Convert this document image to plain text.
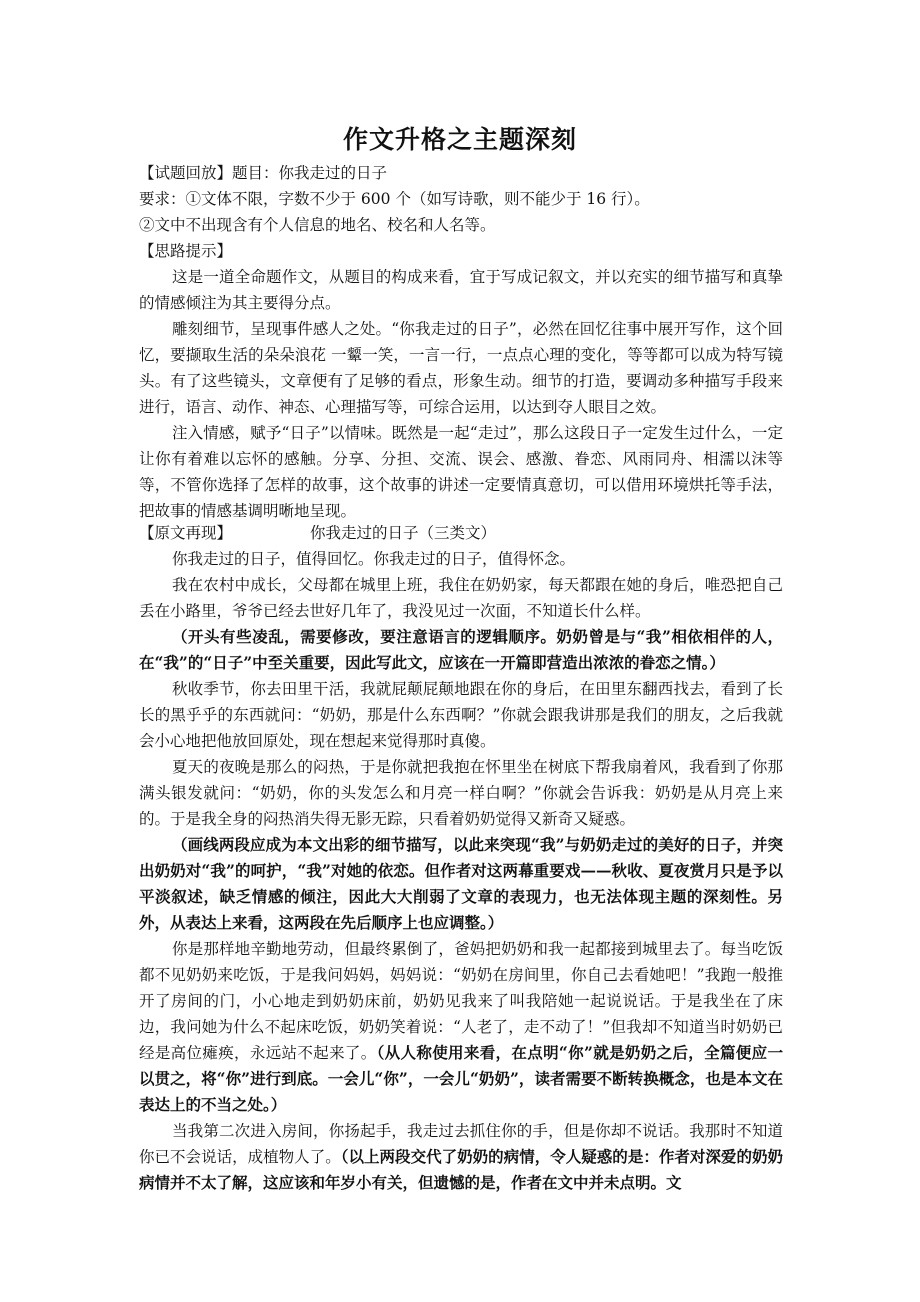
作文升格之主题深刻

【试题回放】题目：你我走过的日子

要求：①文体不限，字数不少于 600 个（如写诗歌，则不能少于 16 行）。

②文中不出现含有个人信息的地名、校名和人名等。

【思路提示】

这是一道全命题作文，从题目的构成来看，宜于写成记叙文，并以充实的细节描写和真挚的情感倾注为其主要得分点。

雕刻细节，呈现事件感人之处。“你我走过的日子”，必然在回忆往事中展开写作，这个回忆，要撷取生活的朵朵浪花 一颦一笑，一言一行，一点点心理的变化，等等都可以成为特写镜头。有了这些镜头，文章便有了足够的看点，形象生动。细节的打造，要调动多种描写手段来进行，语言、动作、神态、心理描写等，可综合运用，以达到夺人眼目之效。

注入情感，赋予“日子”以情味。既然是一起“走过”，那么这段日子一定发生过什么，一定让你有着难以忘怀的感触。分享、分担、交流、误会、感激、眷恋、风雨同舟、相濡以沫等等，不管你选择了怎样的故事，这个故事的讲述一定要情真意切，可以借用环境烘托等手法，把故事的情感基调明晰地呈现。

【原文再现】	你我走过的日子（三类文）

你我走过的日子，值得回忆。你我走过的日子，值得怀念。

我在农村中成长，父母都在城里上班，我住在奶奶家，每天都跟在她的身后，唯恐把自己丢在小路里，爷爷已经去世好几年了，我没见过一次面，不知道长什么样。

（开头有些凌乱，需要修改，要注意语言的逻辑顺序。奶奶曾是与“我”相依相伴的人，在“我”的“日子”中至关重要，因此写此文，应该在一开篇即营造出浓浓的眷恋之情。）

秋收季节，你去田里干活，我就屁颠屁颠地跟在你的身后，在田里东翻西找去，看到了长长的黑乎乎的东西就问：“奶奶，那是什么东西啊？”你就会跟我讲那是我们的朋友，之后我就会小心地把他放回原处，现在想起来觉得那时真傻。

夏天的夜晚是那么的闷热，于是你就把我抱在怀里坐在树底下帮我扇着风，我看到了你那满头银发就问：“奶奶，你的头发怎么和月亮一样白啊？”你就会告诉我：奶奶是从月亮上来的。于是我全身的闷热消失得无影无踪，只看着奶奶觉得又新奇又疑惑。

（画线两段应成为本文出彩的细节描写，以此来突现“我”与奶奶走过的美好的日子，并突出奶奶对“我”的呵护，“我”对她的依恋。但作者对这两幕重要戏——秋收、夏夜赏月只是予以平淡叙述，缺乏情感的倾注，因此大大削弱了文章的表现力，也无法体现主题的深刻性。另外，从表达上来看，这两段在先后顺序上也应调整。）

你是那样地辛勤地劳动，但最终累倒了，爸妈把奶奶和我一起都接到城里去了。每当吃饭都不见奶奶来吃饭，于是我问妈妈，妈妈说：“奶奶在房间里，你自己去看她吧！”我跑一般推开了房间的门，小心地走到奶奶床前，奶奶见我来了叫我陪她一起说说话。于是我坐在了床边，我问她为什么不起床吃饭，奶奶笑着说：“人老了，走不动了！”但我却不知道当时奶奶已经是高位瘫痪，永远站不起来了。（从人称使用来看，在点明“你”就是奶奶之后，全篇便应一以贯之，将“你”进行到底。一会儿“你”，一会儿“奶奶”，读者需要不断转换概念，也是本文在表达上的不当之处。）

当我第二次进入房间，你扬起手，我走过去抓住你的手，但是你却不说话。我那时不知道你已不会说话，成植物人了。（以上两段交代了奶奶的病情，令人疑惑的是：作者对深爱的奶奶病情并不太了解，这应该和年岁小有关，但遗憾的是，作者在文中并未点明。文
